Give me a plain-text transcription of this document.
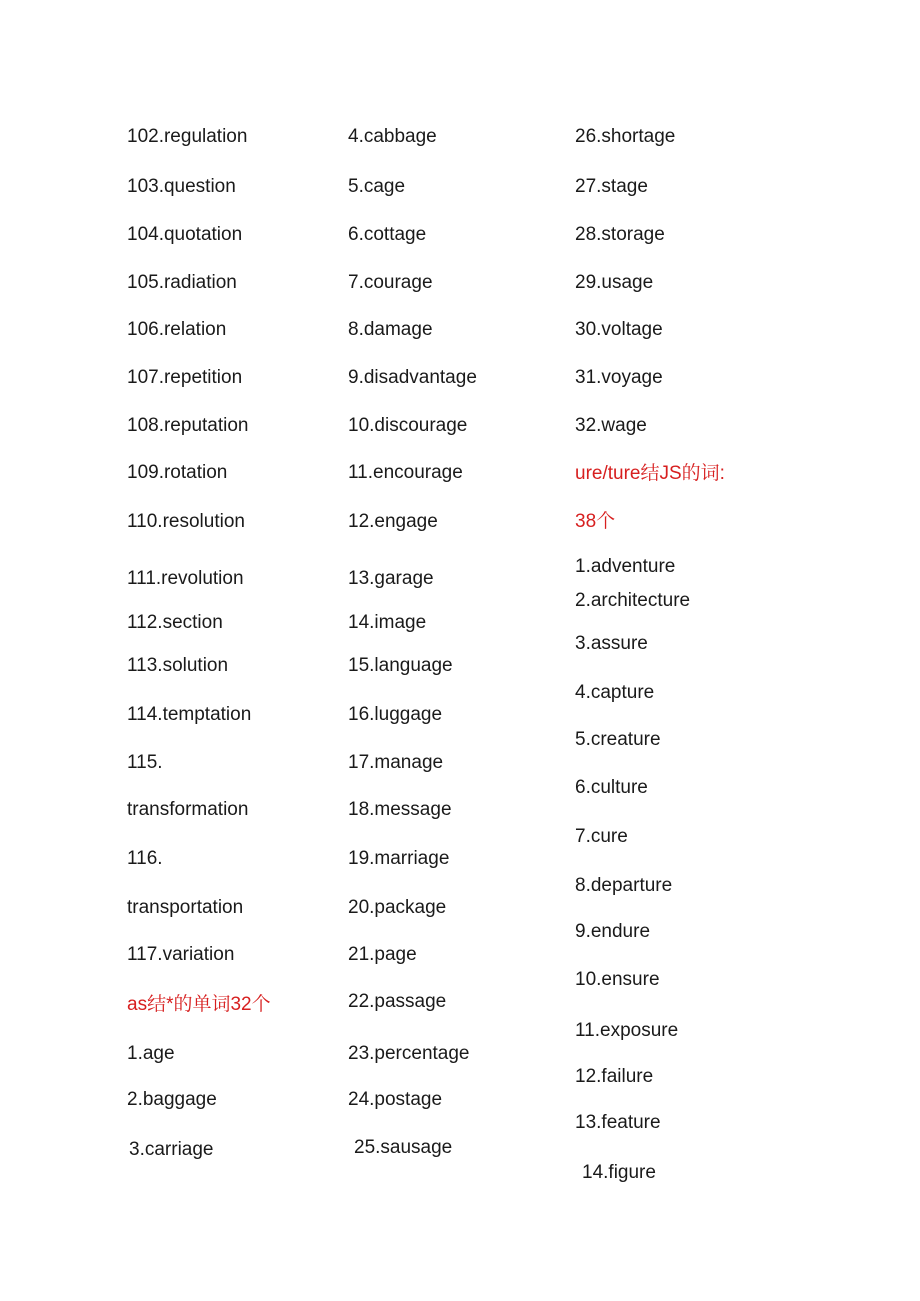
102.regulation

103.question

104.quotation

105.radiation

106.relation

107.repetition

108.reputation

109.rotation

110.resolution

111.revolution

112.section

113.solution

114.temptation

115.

transformation

116.

transportation

117.variation

as结*的单词32个

1.age

2.baggage

3.carriage

4.cabbage

5.cage

6.cottage

7.courage

8.damage

9.disadvantage

10.discourage

11.encourage

12.engage

13.garage

14.image

15.language

16.luggage

17.manage

18.message

19.marriage

20.package

21.page

22.passage

23.percentage

24.postage

25.sausage

26.shortage

27.stage

28.storage

29.usage

30.voltage

31.voyage

32.wage

ure/ture结JS的词:

38个

1.adventure

2.architecture

3.assure

4.capture

5.creature

6.culture

7.cure

8.departure

9.endure

10.ensure

11.exposure

12.failure

13.feature

14.figure
